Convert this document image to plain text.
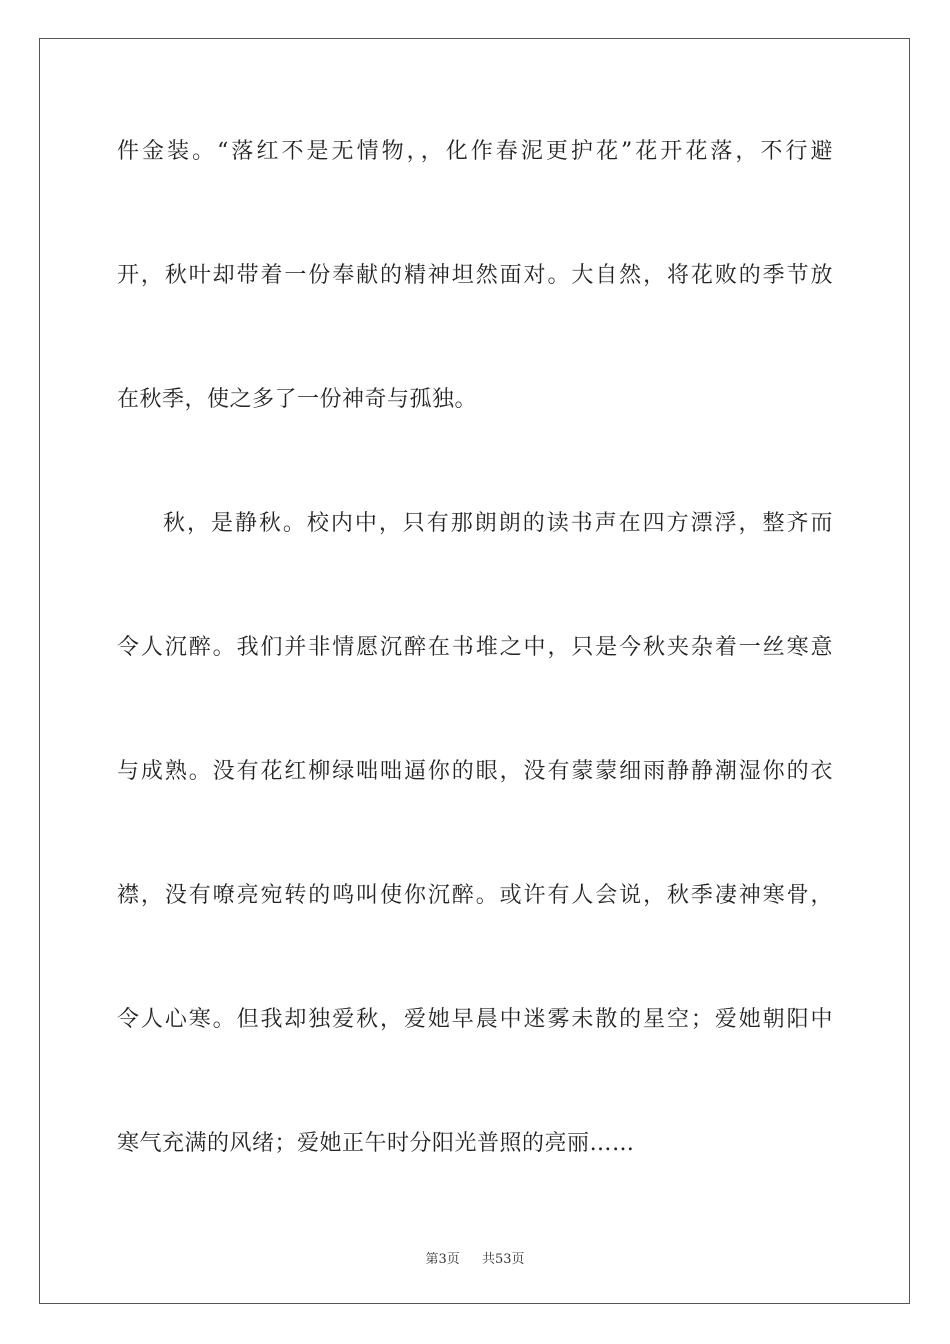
件金装。“落红不是无情物，，化作春泥更护花”花开花落，不行避
开，秋叶却带着一份奉献的精神坦然面对。大自然，将花败的季节放
在秋季，使之多了一份神奇与孤独。
秋，是静秋。校内中，只有那朗朗的读书声在四方漂浮，整齐而
令人沉醉。我们并非情愿沉醉在书堆之中，只是今秋夹杂着一丝寒意
与成熟。没有花红柳绿咄咄逼你的眼，没有蒙蒙细雨静静潮湿你的衣
襟，没有嘹亮宛转的鸣叫使你沉醉。或许有人会说，秋季凄神寒骨，
令人心寒。但我却独爱秋，爱她早晨中迷雾未散的星空；爱她朝阳中
寒气充满的风绪；爱她正午时分阳光普照的亮丽……
第3页 共53页
